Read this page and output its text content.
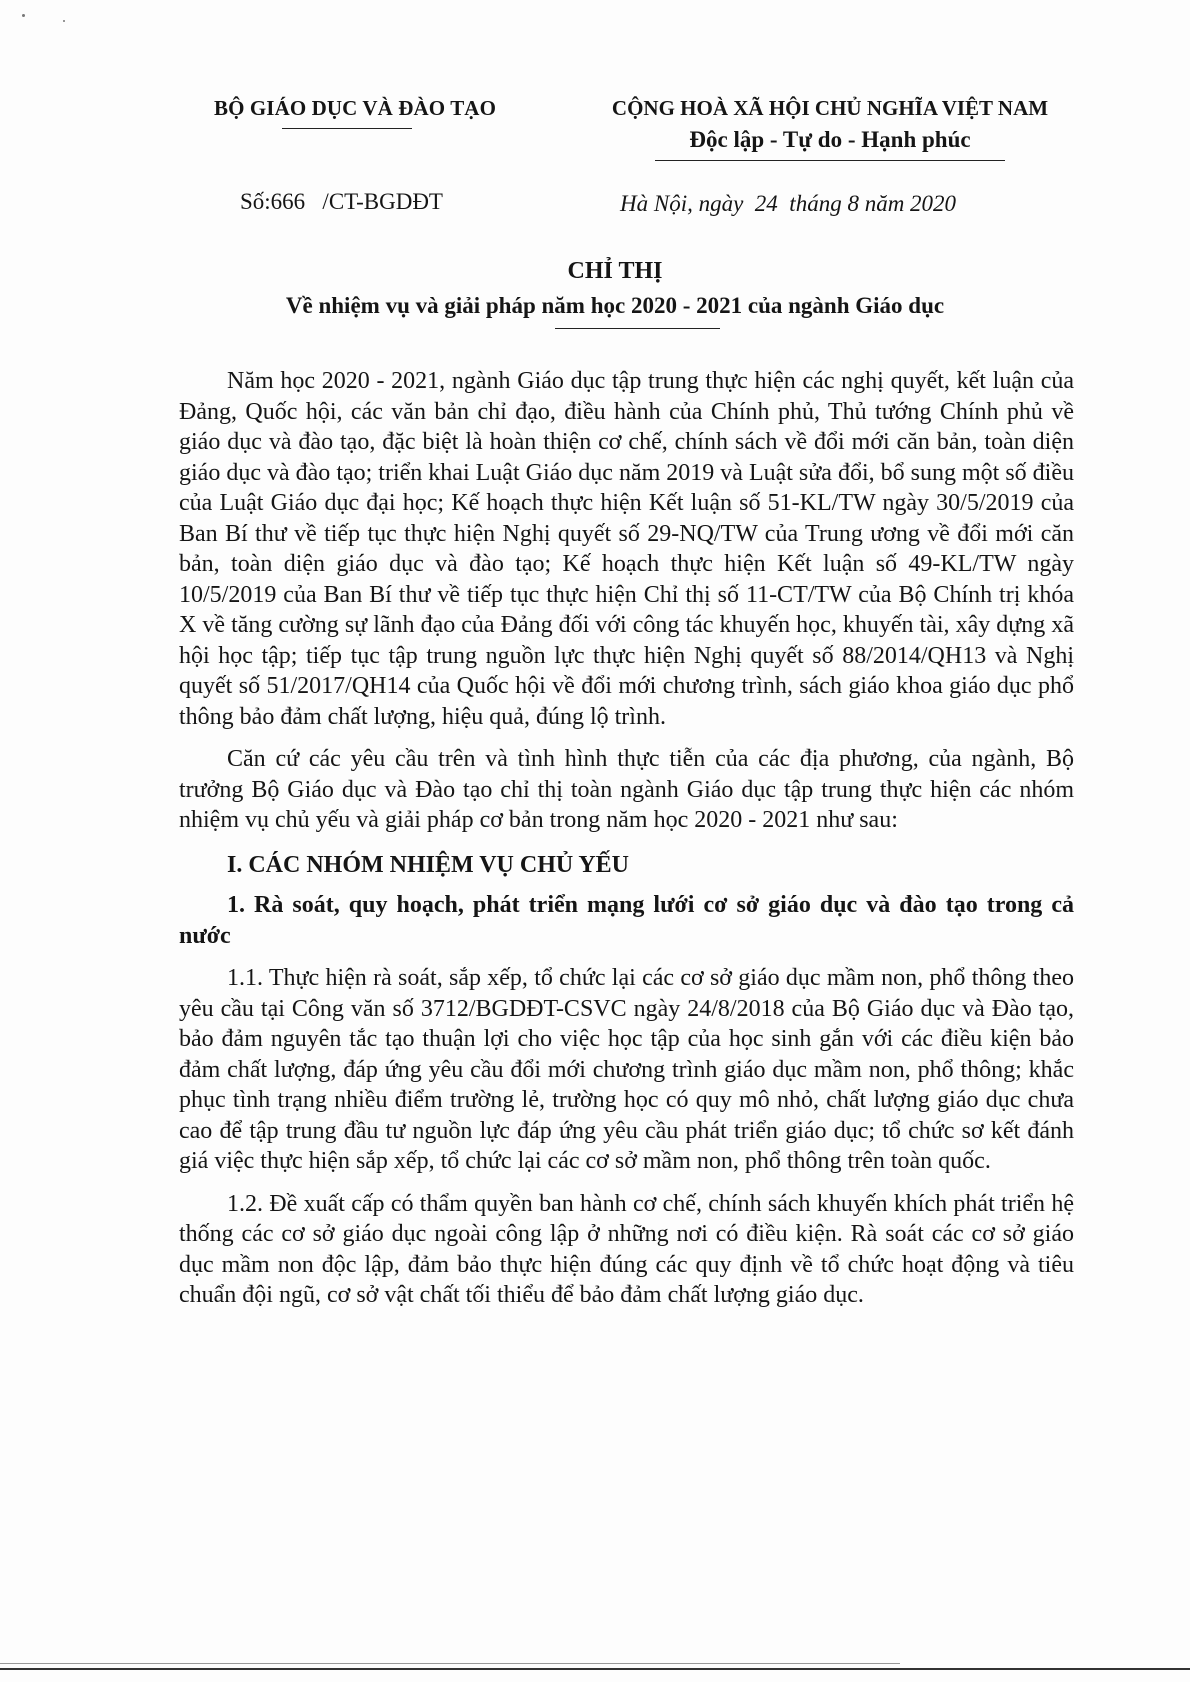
BỘ GIÁO DỤC VÀ ĐÀO TẠO	CỘNG HOÀ XÃ HỘI CHỦ NGHĨA VIỆT NAM
Độc lập - Tự do - Hạnh phúc
Số:666   /CT-BGDĐT	Hà Nội, ngày  24  tháng 8 năm 2020
CHỈ THỊ
Về nhiệm vụ và giải pháp năm học 2020 - 2021 của ngành Giáo dục

Năm học 2020 - 2021, ngành Giáo dục tập trung thực hiện các nghị quyết, kết luận của Đảng, Quốc hội, các văn bản chỉ đạo, điều hành của Chính phủ, Thủ tướng Chính phủ về giáo dục và đào tạo, đặc biệt là hoàn thiện cơ chế, chính sách về đổi mới căn bản, toàn diện giáo dục và đào tạo; triển khai Luật Giáo dục năm 2019 và Luật sửa đổi, bổ sung một số điều của Luật Giáo dục đại học; Kế hoạch thực hiện Kết luận số 51-KL/TW ngày 30/5/2019 của Ban Bí thư về tiếp tục thực hiện Nghị quyết số 29-NQ/TW của Trung ương về đổi mới căn bản, toàn diện giáo dục và đào tạo; Kế hoạch thực hiện Kết luận số 49-KL/TW ngày 10/5/2019 của Ban Bí thư về tiếp tục thực hiện Chỉ thị số 11-CT/TW của Bộ Chính trị khóa X về tăng cường sự lãnh đạo của Đảng đối với công tác khuyến học, khuyến tài, xây dựng xã hội học tập; tiếp tục tập trung nguồn lực thực hiện Nghị quyết số 88/2014/QH13 và Nghị quyết số 51/2017/QH14 của Quốc hội về đổi mới chương trình, sách giáo khoa giáo dục phổ thông bảo đảm chất lượng, hiệu quả, đúng lộ trình.

Căn cứ các yêu cầu trên và tình hình thực tiễn của các địa phương, của ngành, Bộ trưởng Bộ Giáo dục và Đào tạo chỉ thị toàn ngành Giáo dục tập trung thực hiện các nhóm nhiệm vụ chủ yếu và giải pháp cơ bản trong năm học 2020 - 2021 như sau:

I. CÁC NHÓM NHIỆM VỤ CHỦ YẾU
1. Rà soát, quy hoạch, phát triển mạng lưới cơ sở giáo dục và đào tạo trong cả nước

1.1. Thực hiện rà soát, sắp xếp, tổ chức lại các cơ sở giáo dục mầm non, phổ thông theo yêu cầu tại Công văn số 3712/BGDĐT-CSVC ngày 24/8/2018 của Bộ Giáo dục và Đào tạo, bảo đảm nguyên tắc tạo thuận lợi cho việc học tập của học sinh gắn với các điều kiện bảo đảm chất lượng, đáp ứng yêu cầu đổi mới chương trình giáo dục mầm non, phổ thông; khắc phục tình trạng nhiều điểm trường lẻ, trường học có quy mô nhỏ, chất lượng giáo dục chưa cao để tập trung đầu tư nguồn lực đáp ứng yêu cầu phát triển giáo dục; tổ chức sơ kết đánh giá việc thực hiện sắp xếp, tổ chức lại các cơ sở mầm non, phổ thông trên toàn quốc.

1.2. Đề xuất cấp có thẩm quyền ban hành cơ chế, chính sách khuyến khích phát triển hệ thống các cơ sở giáo dục ngoài công lập ở những nơi có điều kiện. Rà soát các cơ sở giáo dục mầm non độc lập, đảm bảo thực hiện đúng các quy định về tổ chức hoạt động và tiêu chuẩn đội ngũ, cơ sở vật chất tối thiểu để bảo đảm chất lượng giáo dục.
